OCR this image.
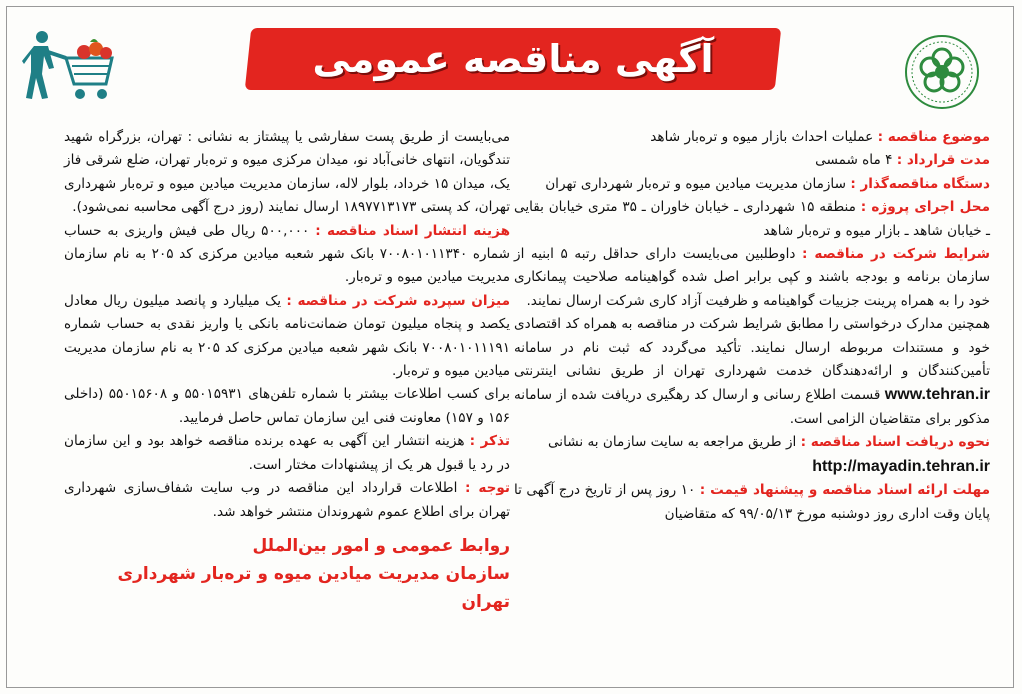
آگهی مناقصه عمومی

موضوع مناقصه : عملیات احداث بازار میوه و تره‌بار شاهد

مدت قرارداد : ۴ ماه شمسی

دستگاه مناقصه‌گذار : سازمان مدیریت میادین میوه و تره‌بار شهرداری تهران

محل اجرای پروژه : منطقه ۱۵ شهرداری ـ خیابان خاوران ـ ۳۵ متری خیابان بقایی ـ خیابان شاهد ـ بازار میوه و تره‌بار شاهد

شرایط شرکت در مناقصه : داوطلبین می‌بایست دارای حداقل رتبه ۵ ابنیه از سازمان برنامه و بودجه باشند و کپی برابر اصل شده گواهینامه صلاحیت پیمانکاری خود را به همراه پرینت جزییات گواهینامه و ظرفیت آزاد کاری شرکت ارسال نمایند.

همچنین مدارک درخواستی را مطابق شرایط شرکت در مناقصه به همراه کد اقتصادی خود و مستندات مربوطه ارسال نمایند. تأکید می‌گردد که ثبت نام در سامانه تأمین‌کنندگان و ارائه‌دهندگان خدمت شهرداری تهران از طریق نشانی اینترنتی www.tehran.ir قسمت اطلاع رسانی و ارسال کد رهگیری دریافت شده از سامانه مذکور برای متقاضیان الزامی است.

نحوه دریافت اسناد مناقصه : از طریق مراجعه به سایت سازمان به نشانی

http://mayadin.tehran.ir

مهلت ارائه اسناد مناقصه و پیشنهاد قیمت : ۱۰ روز پس از تاریخ درج آگهی تا پایان وقت اداری روز دوشنبه مورخ ۹۹/۰۵/۱۳ که متقاضیان

می‌بایست از طریق پست سفارشی یا پیشتاز به نشانی : تهران، بزرگراه شهید تندگویان، انتهای خانی‌آباد نو، میدان مرکزی میوه و تره‌بار تهران، ضلع شرقی فاز یک، میدان ۱۵ خرداد، بلوار لاله، سازمان مدیریت میادین میوه و تره‌بار شهرداری تهران، کد پستی ۱۸۹۷۷۱۳۱۷۳ ارسال نمایند (روز درج آگهی محاسبه نمی‌شود).

هزینه انتشار اسناد مناقصه : ۵۰۰,۰۰۰ ریال طی فیش واریزی به حساب شماره ۷۰۰۸۰۱۰۱۱۳۴۰ بانک شهر شعبه میادین مرکزی کد ۲۰۵ به نام سازمان مدیریت میادین میوه و تره‌بار.

میزان سپرده شرکت در مناقصه : یک میلیارد و پانصد میلیون ریال معادل یکصد و پنجاه میلیون تومان ضمانت‌نامه بانکی یا واریز نقدی به حساب شماره ۷۰۰۸۰۱۰۱۱۱۹۱ بانک شهر شعبه میادین مرکزی کد ۲۰۵ به نام سازمان مدیریت میادین میوه و تره‌بار.

برای کسب اطلاعات بیشتر با شماره تلفن‌های ۵۵۰۱۵۹۳۱ و ۵۵۰۱۵۶۰۸ (داخلی ۱۵۶ و ۱۵۷) معاونت فنی این سازمان تماس حاصل فرمایید.

تذکر : هزینه انتشار این آگهی به عهده برنده مناقصه خواهد بود و این سازمان در رد یا قبول هر یک از پیشنهادات مختار است.

توجه : اطلاعات قرارداد این مناقصه در وب سایت شفاف‌سازی شهرداری تهران برای اطلاع عموم شهروندان منتشر خواهد شد.

روابط عمومی و امور بین‌الملل
سازمان مدیریت میادین میوه و تره‌بار شهرداری تهران
